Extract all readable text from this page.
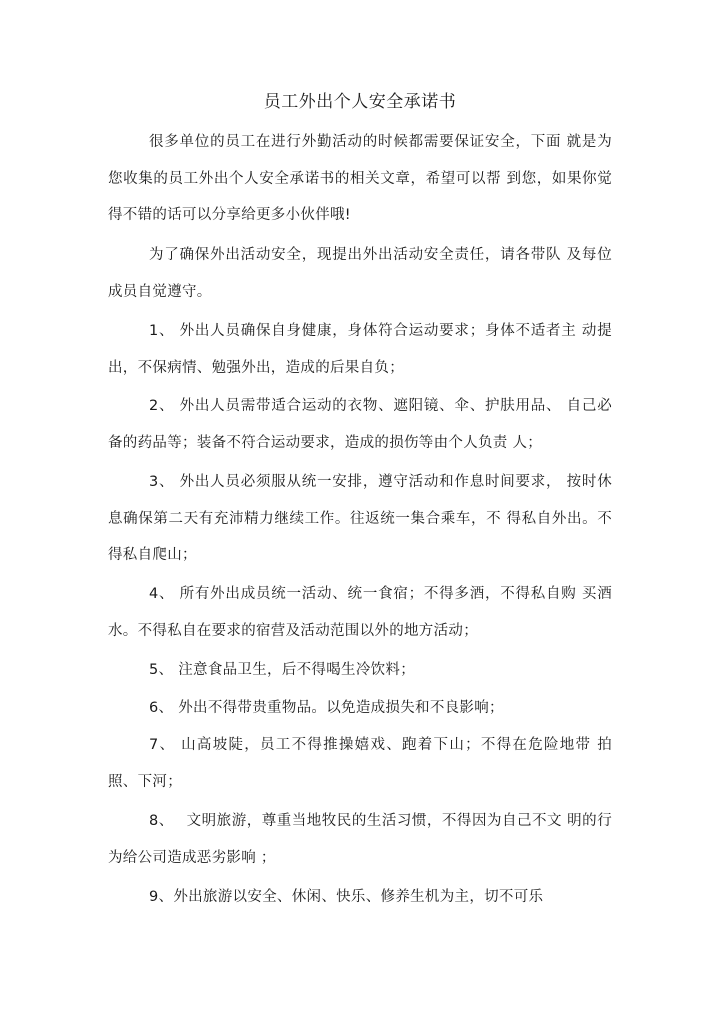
员工外出个人安全承诺书

很多单位的员工在进行外勤活动的时候都需要保证安全，下面 就是为您收集的员工外出个人安全承诺书的相关文章，希望可以帮 到您，如果你觉得不错的话可以分享给更多小伙伴哦!

为了确保外出活动安全，现提出外出活动安全责任，请各带队 及每位成员自觉遵守。

1、 外出人员确保自身健康，身体符合运动要求；身体不适者主 动提出，不保病情、勉强外出，造成的后果自负；

2、 外出人员需带适合运动的衣物、遮阳镜、伞、护肤用品、 自己必备的药品等；装备不符合运动要求，造成的损伤等由个人负责 人；

3、 外出人员必须服从统一安排，遵守活动和作息时间要求， 按时休息确保第二天有充沛精力继续工作。往返统一集合乘车，不 得私自外出。不得私自爬山；

4、 所有外出成员统一活动、统一食宿；不得多酒，不得私自购 买酒水。不得私自在要求的宿营及活动范围以外的地方活动；

5、 注意食品卫生，后不得喝生冷饮料；

6、 外出不得带贵重物品。以免造成损失和不良影响；

7、 山高坡陡，员工不得推操嬉戏、跑着下山；不得在危险地带 拍照、下河；

8、　 文明旅游，尊重当地牧民的生活习惯，不得因为自己不文 明的行为给公司造成恶劣影响 ；

9、外出旅游以安全、休闲、快乐、修养生机为主，切不可乐
